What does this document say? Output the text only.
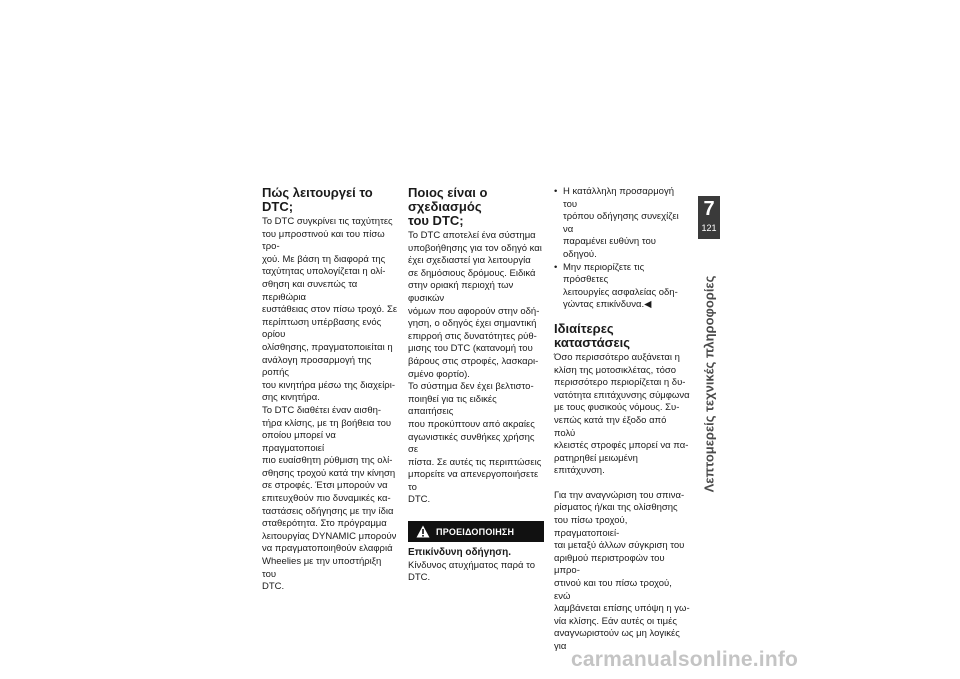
Πώς λειτουργεί το DTC;

Το DTC συγκρίνει τις ταχύτητες
του μπροστινού και του πίσω τρο-
χού. Με βάση τη διαφορά της
ταχύτητας υπολογίζεται η ολί-
σθηση και συνεπώς τα περιθώρια
ευστάθειας στον πίσω τροχό. Σε
περίπτωση υπέρβασης ενός ορίου
ολίσθησης, πραγματοποιείται η
ανάλογη προσαρμογή της ροπής
του κινητήρα μέσω της διαχείρι-
σης κινητήρα.

Το DTC διαθέτει έναν αισθη-
τήρα κλίσης, με τη βοήθεια του
οποίου μπορεί να πραγματοποιεί
πιο ευαίσθητη ρύθμιση της ολί-
σθησης τροχού κατά την κίνηση
σε στροφές. Έτσι μπορούν να
επιτευχθούν πιο δυναμικές κα-
ταστάσεις οδήγησης με την ίδια
σταθερότητα. Στο πρόγραμμα
λειτουργίας DYNAMIC μπορούν
να πραγματοποιηθούν ελαφριά
Wheelies με την υποστήριξη του
DTC.

Ποιος είναι ο σχεδιασμός
του DTC;

Το DTC αποτελεί ένα σύστημα
υποβοήθησης για τον οδηγό και
έχει σχεδιαστεί για λειτουργία
σε δημόσιους δρόμους. Ειδικά
στην οριακή περιοχή των φυσικών
νόμων που αφορούν στην οδή-
γηση, ο οδηγός έχει σημαντική
επιρροή στις δυνατότητες ρύθ-
μισης του DTC (κατανομή του
βάρους στις στροφές, λασκαρι-
σμένο φορτίο).

Το σύστημα δεν έχει βελτιστο-
ποιηθεί για τις ειδικές απαιτήσεις
που προκύπτουν από ακραίες
αγωνιστικές συνθήκες χρήσης σε
πίστα. Σε αυτές τις περιπτώσεις
μπορείτε να απενεργοποιήσετε το
DTC.

ΠΡΟΕΙΔΟΠΟΙΗΣΗ

Επικίνδυνη οδήγηση.

Κίνδυνος ατυχήματος παρά το
DTC.

• Η κατάλληλη προσαρμογή του
τρόπου οδήγησης συνεχίζει να
παραμένει ευθύνη του οδηγού.
• Μην περιορίζετε τις πρόσθετες
λειτουργίες ασφαλείας οδη-
γώντας επικίνδυνα.◀
Ιδιαίτερες καταστάσεις

Όσο περισσότερο αυξάνεται η
κλίση της μοτοσικλέτας, τόσο
περισσότερο περιορίζεται η δυ-
νατότητα επιτάχυνσης σύμφωνα
με τους φυσικούς νόμους. Συ-
νεπώς κατά την έξοδο από πολύ
κλειστές στροφές μπορεί να πα-
ρατηρηθεί μειωμένη επιτάχυνση.

Για την αναγνώριση του σπινα-
ρίσματος ή/και της ολίσθησης
του πίσω τροχού, πραγματοποιεί-
ται μεταξύ άλλων σύγκριση του
αριθμού περιστροφών του μπρο-
στινού και του πίσω τροχού, ενώ
λαμβάνεται επίσης υπόψη η γω-
νία κλίσης. Εάν αυτές οι τιμές
αναγνωριστούν ως μη λογικές για

7
121
Λεπτομερείς τεχνικές πληροφορίες
carmanualsonline.info
